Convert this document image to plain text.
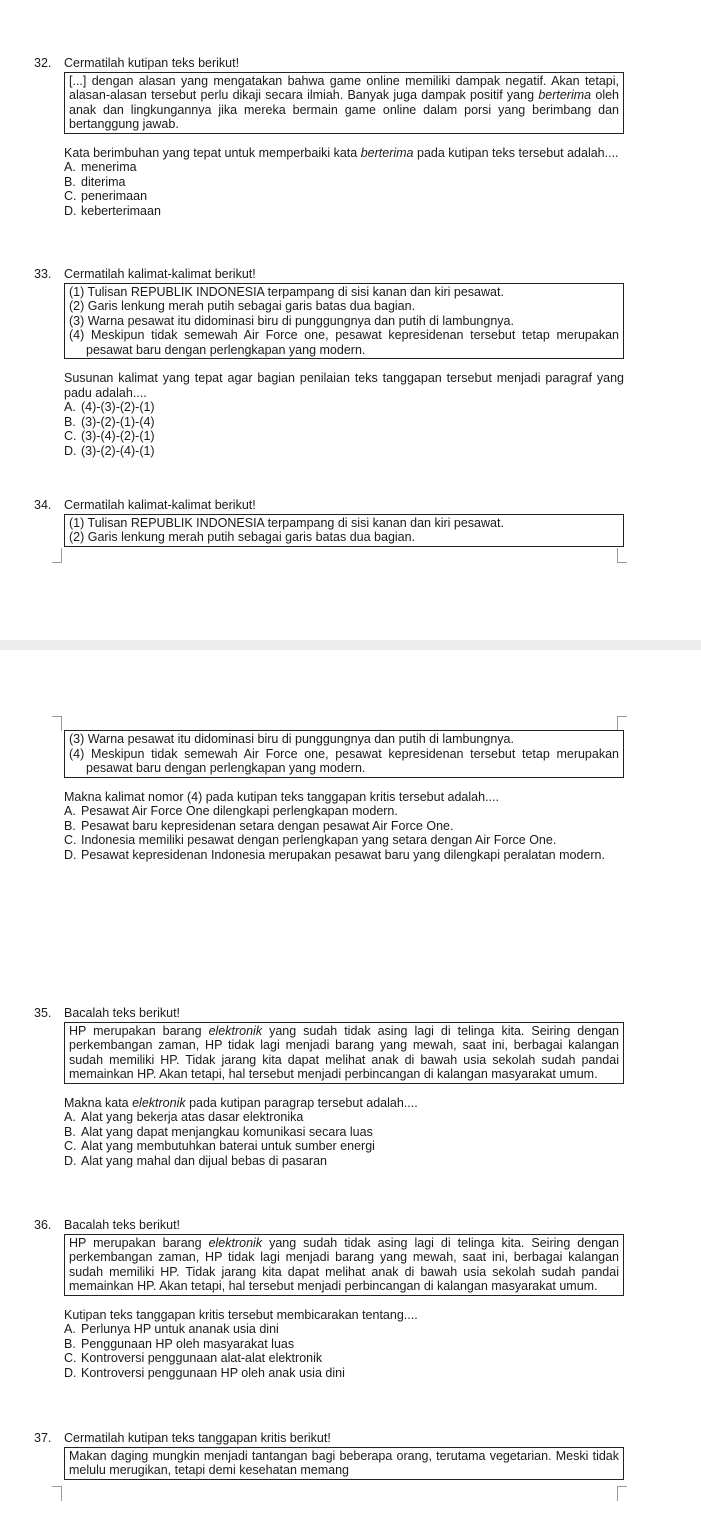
32. Cermatilah kutipan teks berikut!
[...] dengan alasan yang mengatakan bahwa game online memiliki dampak negatif. Akan tetapi, alasan-alasan tersebut perlu dikaji secara ilmiah. Banyak juga dampak positif yang berterima oleh anak dan lingkungannya jika mereka bermain game online dalam porsi yang berimbang dan bertanggung jawab.
Kata berimbuhan yang tepat untuk memperbaiki kata berterima pada kutipan teks tersebut adalah....
A. menerima
B. diterima
C. penerimaan
D. keberterimaan
33. Cermatilah kalimat-kalimat berikut!

(1) Tulisan REPUBLIK INDONESIA terpampang di sisi kanan dan kiri pesawat.

(2) Garis lenkung merah putih sebagai garis batas dua bagian.

(3) Warna pesawat itu didominasi biru di punggungnya dan putih di lambungnya.

(4) Meskipun tidak semewah Air Force one, pesawat kepresidenan tersebut tetap merupakan pesawat baru dengan perlengkapan yang modern.

Susunan kalimat yang tepat agar bagian penilaian teks tanggapan tersebut menjadi paragraf yang padu adalah....
A. (4)-(3)-(2)-(1)
B. (3)-(2)-(1)-(4)
C. (3)-(4)-(2)-(1)
D. (3)-(2)-(4)-(1)
34. Cermatilah kalimat-kalimat berikut!

(1) Tulisan REPUBLIK INDONESIA terpampang di sisi kanan dan kiri pesawat.

(2) Garis lenkung merah putih sebagai garis batas dua bagian.

(3) Warna pesawat itu didominasi biru di punggungnya dan putih di lambungnya.

(4) Meskipun tidak semewah Air Force one, pesawat kepresidenan tersebut tetap merupakan pesawat baru dengan perlengkapan yang modern.

Makna kalimat nomor (4) pada kutipan teks tanggapan kritis tersebut adalah....
A. Pesawat Air Force One dilengkapi perlengkapan modern.
B. Pesawat baru kepresidenan setara dengan pesawat Air Force One.
C. Indonesia memiliki pesawat dengan perlengkapan yang setara dengan Air Force One.
D. Pesawat kepresidenan Indonesia merupakan pesawat baru yang dilengkapi peralatan modern.
35. Bacalah teks berikut!
HP merupakan barang elektronik yang sudah tidak asing lagi di telinga kita. Seiring dengan perkembangan zaman, HP tidak lagi menjadi barang yang mewah, saat ini, berbagai kalangan sudah memiliki HP. Tidak jarang kita dapat melihat anak di bawah usia sekolah sudah pandai memainkan HP. Akan tetapi, hal tersebut menjadi perbincangan di kalangan masyarakat umum.
Makna kata elektronik pada kutipan paragrap tersebut adalah....
A. Alat yang bekerja atas dasar elektronika
B. Alat yang dapat menjangkau komunikasi secara luas
C. Alat yang membutuhkan baterai untuk sumber energi
D. Alat yang mahal dan dijual bebas di pasaran
36. Bacalah teks berikut!
HP merupakan barang elektronik yang sudah tidak asing lagi di telinga kita. Seiring dengan perkembangan zaman, HP tidak lagi menjadi barang yang mewah, saat ini, berbagai kalangan sudah memiliki HP. Tidak jarang kita dapat melihat anak di bawah usia sekolah sudah pandai memainkan HP. Akan tetapi, hal tersebut menjadi perbincangan di kalangan masyarakat umum.
Kutipan teks tanggapan kritis tersebut membicarakan tentang....
A. Perlunya HP untuk ananak usia dini
B. Penggunaan HP oleh masyarakat luas
C. Kontroversi penggunaan alat-alat elektronik
D. Kontroversi penggunaan HP oleh anak usia dini
37. Cermatilah kutipan teks tanggapan kritis berikut!
Makan daging mungkin menjadi tantangan bagi beberapa orang, terutama vegetarian. Meski tidak melulu merugikan, tetapi demi kesehatan memang
